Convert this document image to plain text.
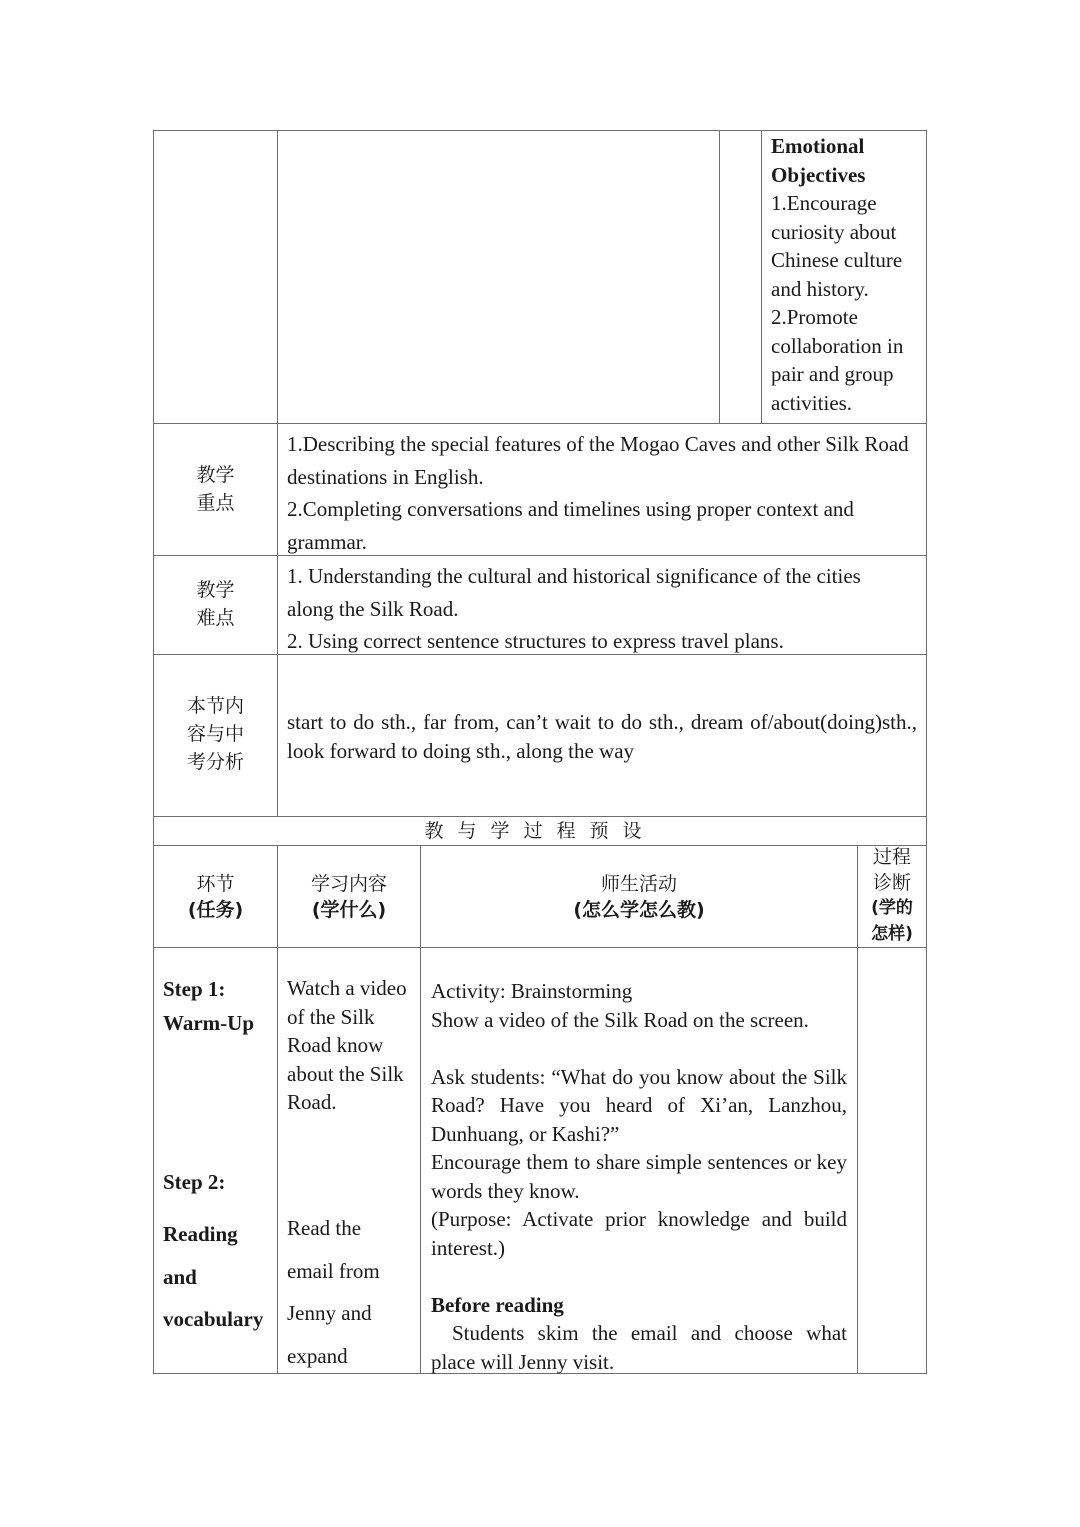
Emotional Objectives

1.Encourage curiosity about Chinese culture and history.

2.Promote collaboration in pair and group activities.

教学

重点

1.Describing the special features of the Mogao Caves and other Silk Road destinations in English.

2.Completing conversations and timelines using proper context and grammar.

教学

难点

1. Understanding the cultural and historical significance of the cities along the Silk Road.

2. Using correct sentence structures to express travel plans.

本节内

容与中

考分析

start to do sth., far from, can’t wait to do sth., dream of/about(doing)sth., look forward to doing sth., along the way

教与学过程预设

环节

(任务)

学习内容

(学什么)

师生活动

(怎么学怎么教)

过程

诊断

(学的

怎样)

Step 1:

Warm-Up

Step 2:

Reading

and

vocabulary

Watch a video of the Silk Road know about the Silk Road.

Read the

email from

Jenny and

expand

Activity: Brainstorming

Show a video of the Silk Road on the screen.

Ask students: “What do you know about the Silk Road? Have you heard of Xi’an, Lanzhou, Dunhuang, or Kashi?”

Encourage them to share simple sentences or key words they know.

(Purpose: Activate prior knowledge and build interest.)

Before reading

Students skim the email and choose what place will Jenny visit.
